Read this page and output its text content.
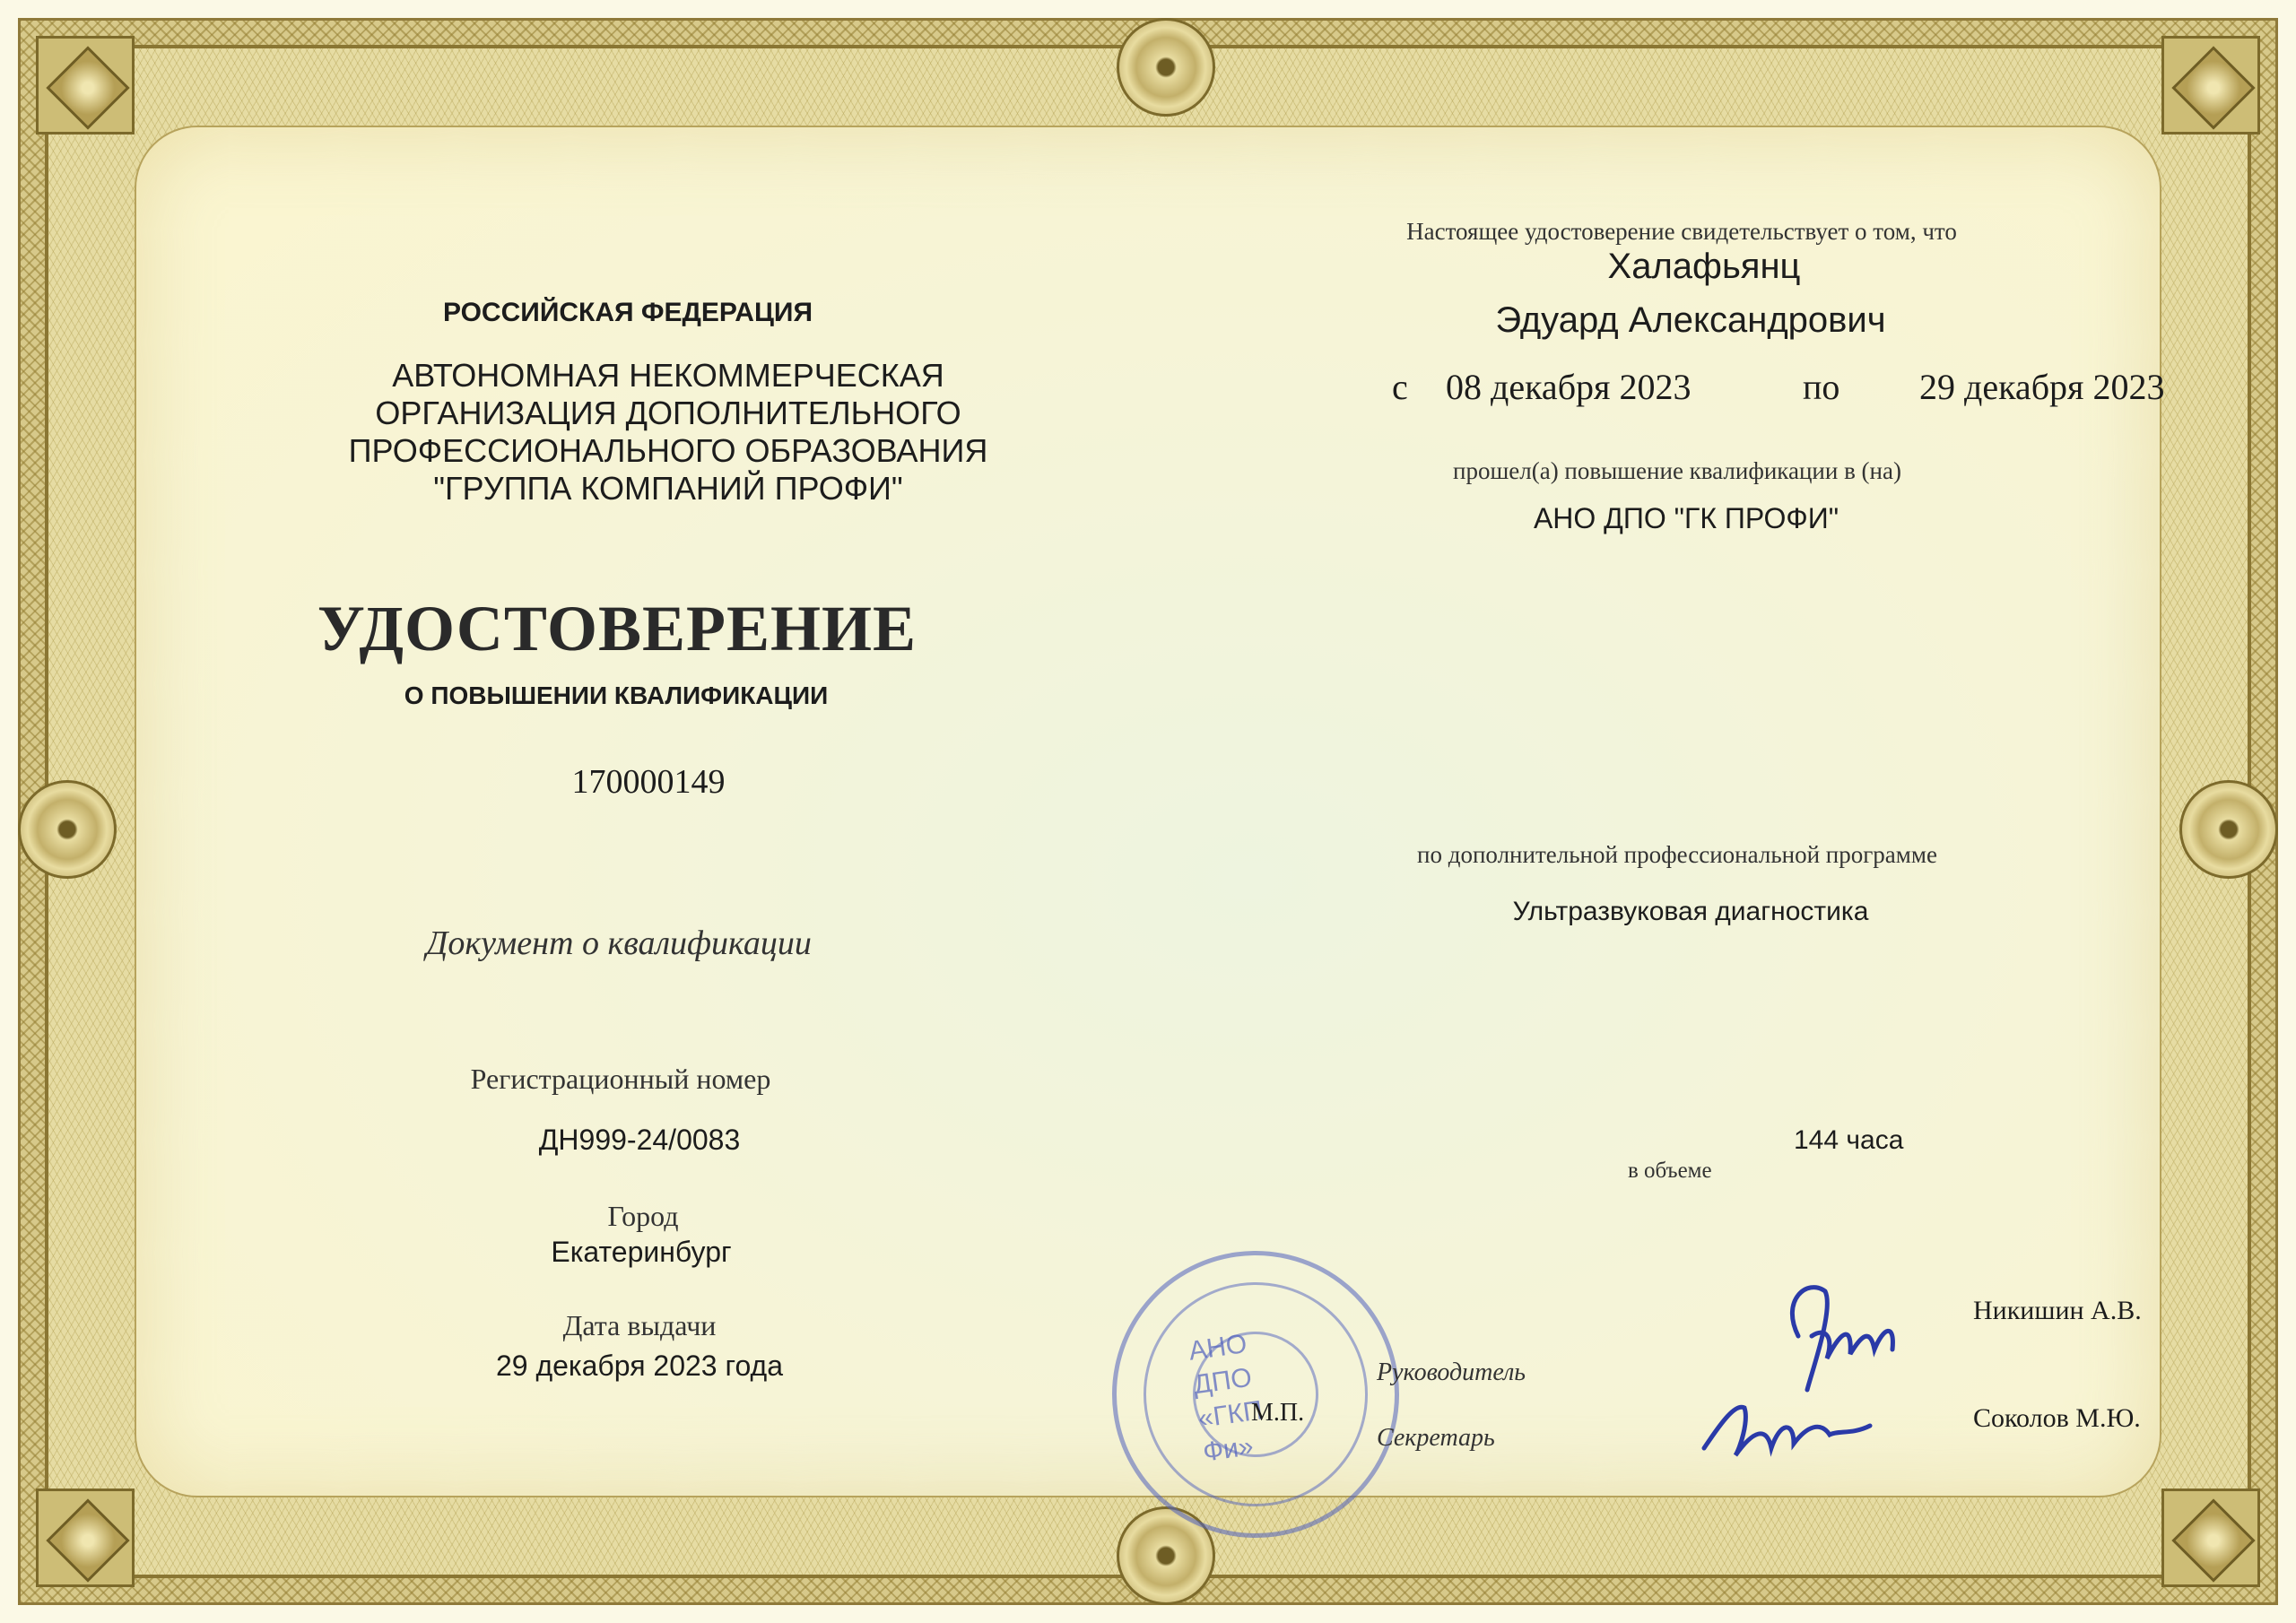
РОССИЙСКАЯ ФЕДЕРАЦИЯ
АВТОНОМНАЯ НЕКОММЕРЧЕСКАЯ
ОРГАНИЗАЦИЯ ДОПОЛНИТЕЛЬНОГО
ПРОФЕССИОНАЛЬНОГО ОБРАЗОВАНИЯ
"ГРУППА КОМПАНИЙ ПРОФИ"
УДОСТОВЕРЕНИЕ
О ПОВЫШЕНИИ КВАЛИФИКАЦИИ
170000149
Документ о квалификации
Регистрационный номер
ДН999-24/0083
Город
Екатеринбург
Дата выдачи
29 декабря 2023 года
Настоящее удостоверение свидетельствует о том, что
Халафьянц
Эдуард Александрович
с 08 декабря 2023	по 29 декабря 2023
прошел(а) повышение квалификации в (на)
АНО ДПО "ГК ПРОФИ"
по дополнительной профессиональной программе
Ультразвуковая диагностика
144 часа
в объеме
АНО ДПО
«ГКП Фи»
М.П.
Руководитель
Секретарь
Никишин А.В.
Соколов М.Ю.
